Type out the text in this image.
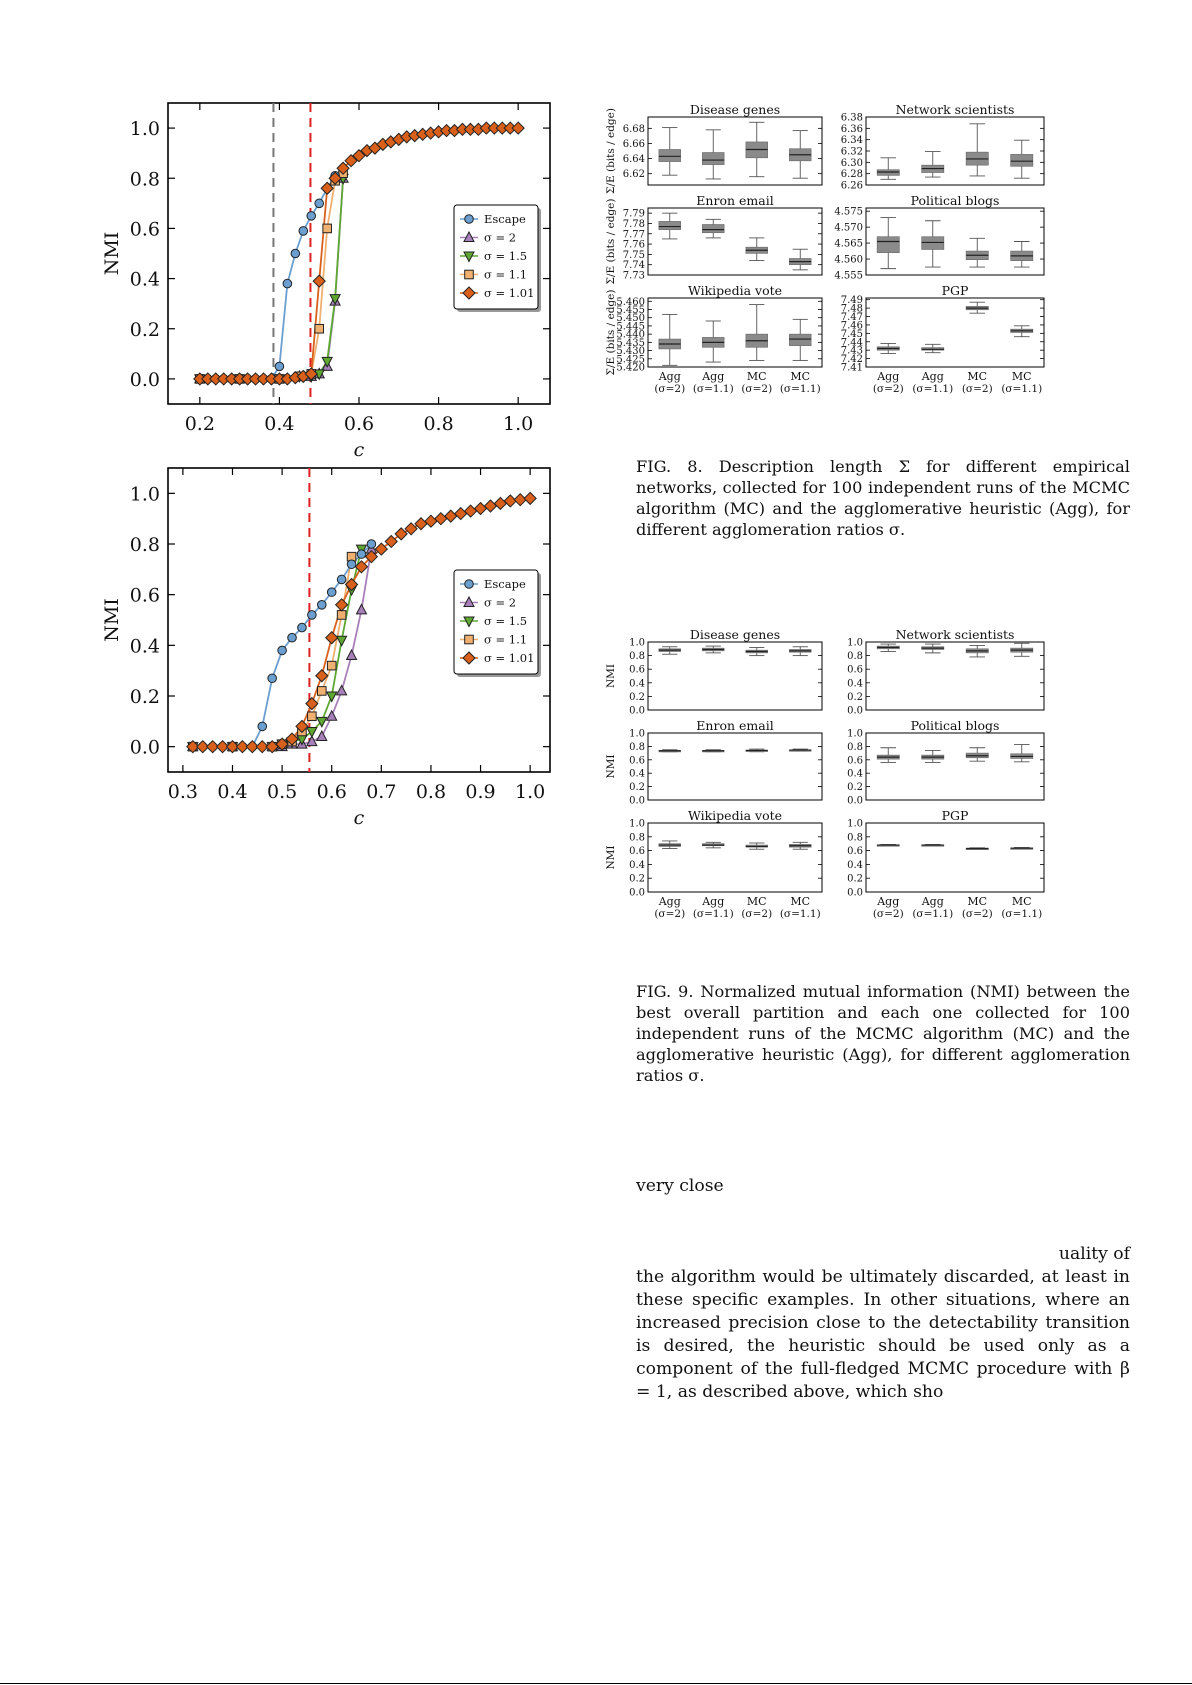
0.0
0.2
0.4
0.6
0.8
1.0
0.2	0.4	0.6	0.8	1.0
NMI
c
Escape
σ = 2
σ = 1.5
σ = 1.1
σ = 1.01
0.0
0.2
0.4
0.6
0.8
1.0
0.3 0.4 0.5 0.6 0.7 0.8 0.9 1.0
NMI
c
Escape
σ = 2
σ = 1.5
σ = 1.1
σ = 1.01
Disease genes
6.62
6.64
6.66
6.68
Σ/E (bits / edge)	Network scientists
6.26
6.28
6.30
6.32
6.34
6.36
6.38
Enron email
7.73
7.74
7.75
7.76
7.77
7.78
7.79
Σ/E (bits / edge)	Political blogs
4.555
4.560
4.565
4.570
4.575
Wikipedia vote
5.420
5.425
5.430
5.435
5.440
5.445
5.450
5.455
5.460
Agg
(σ=2)
Agg
(σ=1.1)
MC
(σ=2)
MC
(σ=1.1)
Σ/E (bits / edge)	PGP
7.41
7.42
7.43
7.44
7.45
7.46
7.47
7.48
7.49
Agg
(σ=2)
Agg
(σ=1.1)
MC
(σ=2)
MC
(σ=1.1)
FIG. 8. Description length Σ for different empirical networks, collected for 100 independent runs of the MCMC algorithm (MC) and the agglomerative heuristic (Agg), for different agglomeration ratios σ.
Disease genes
0.0
0.2
0.4
0.6
0.8
1.0
NMI
Network scientists
0.0
0.2
0.4
0.6
0.8
1.0
Enron email
0.0
0.2
0.4
0.6
0.8
1.0
NMI
Political blogs
0.0
0.2
0.4
0.6
0.8
1.0
Wikipedia vote
0.0
0.2
0.4
0.6
0.8
1.0
Agg
(σ=2)
Agg
(σ=1.1)
MC
(σ=2)
MC
(σ=1.1)
NMI
PGP
0.0
0.2
0.4
0.6
0.8
1.0
Agg
(σ=2)
Agg
(σ=1.1)
MC
(σ=2)
MC
(σ=1.1)
FIG. 9. Normalized mutual information (NMI) between the best overall partition and each one collected for 100 independent runs of the MCMC algorithm (MC) and the agglomerative heuristic (Agg), for different agglomeration ratios σ.
very close
uality of
the algorithm would be ultimately discarded, at least in these specific examples. In other situations, where an increased precision close to the detectability transition is desired, the heuristic should be used only as a component of the full-fledged MCMC procedure with β = 1, as described above, which sho
